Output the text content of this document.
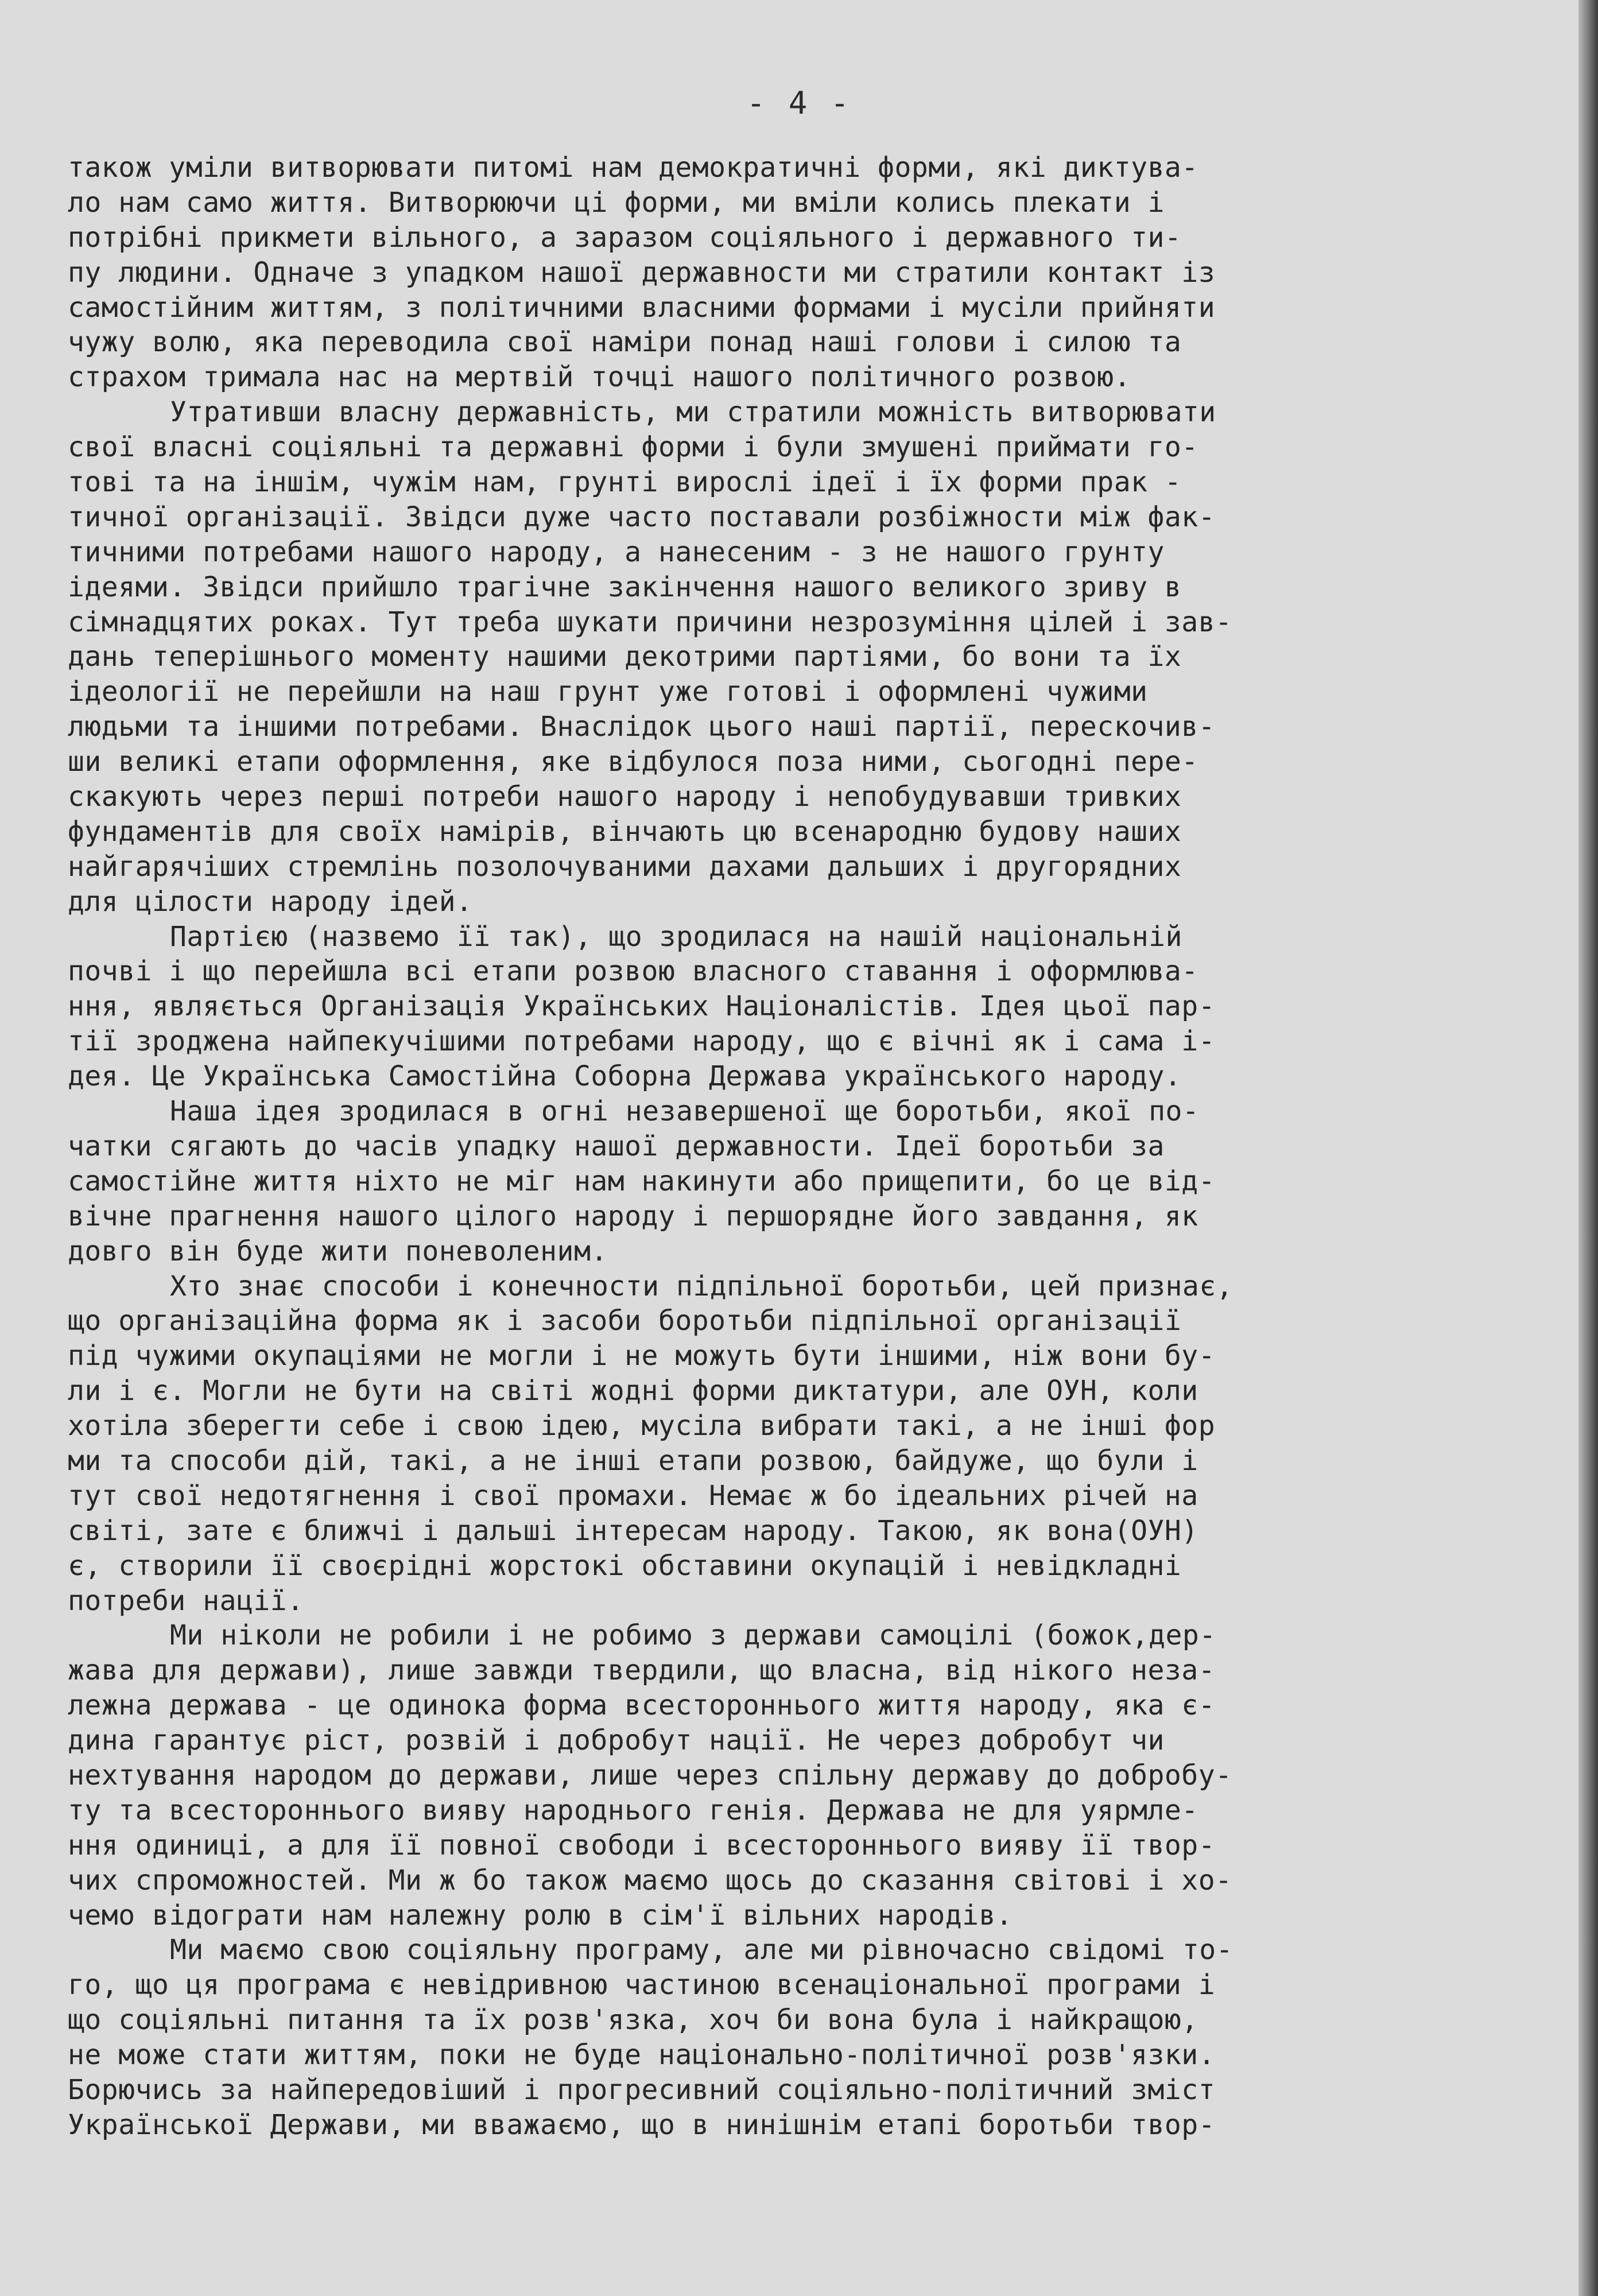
- 4 -
також уміли витворювати питомі нам демократичні форми, які диктува-
ло нам само життя. Витворюючи ці форми, ми вміли колись плекати і
потрібні прикмети вільного, а заразом соціяльного і державного ти-
пу людини. Одначе з упадком нашої державности ми стратили контакт із
самостійним життям, з політичними власними формами і мусіли прийняти
чужу волю, яка переводила свої наміри понад наші голови і силою та
страхом тримала нас на мертвій точці нашого політичного розвою.
Утративши власну державність, ми стратили можність витворювати
свої власні соціяльні та державні форми і були змушені приймати го-
тові та на іншім, чужім нам, грунті вирослі ідеї і їх форми прак -
тичної організації. Звідси дуже часто поставали розбіжности між фак-
тичними потребами нашого народу, а нанесеним - з не нашого грунту
ідеями. Звідси прийшло трагічне закінчення нашого великого зриву в
сімнадцятих роках. Тут треба шукати причини незрозуміння цілей і зав-
дань теперішнього моменту нашими декотрими партіями, бо вони та їх
ідеології не перейшли на наш грунт уже готові і оформлені чужими
людьми та іншими потребами. Внаслідок цього наші партії, перескочив-
ши великі етапи оформлення, яке відбулося поза ними, сьогодні пере-
скакують через перші потреби нашого народу і непобудувавши тривких
фундаментів для своїх намірів, вінчають цю всенародню будову наших
найгарячіших стремлінь позолочуваними дахами дальших і другорядних
для цілости народу ідей.
Партією (назвемо її так), що зродилася на нашій національній
почві і що перейшла всі етапи розвою власного ставання і оформлюва-
ння, являється Організація Українських Націоналістів. Ідея цьої пар-
тії зроджена найпекучішими потребами народу, що є вічні як і сама і-
дея. Це Українська Самостійна Соборна Держава українського народу.
Наша ідея зродилася в огні незавершеної ще боротьби, якої по-
чатки сягають до часів упадку нашої державности. Ідеї боротьби за
самостійне життя ніхто не міг нам накинути або прищепити, бо це від-
вічне прагнення нашого цілого народу і першорядне його завдання, як
довго він буде жити поневоленим.
Хто знає способи і конечности підпільної боротьби, цей признає,
що організаційна форма як і засоби боротьби підпільної організації
під чужими окупаціями не могли і не можуть бути іншими, ніж вони бу-
ли і є. Могли не бути на світі жодні форми диктатури, але ОУН, коли
хотіла зберегти себе і свою ідею, мусіла вибрати такі, а не інші фор
ми та способи дій, такі, а не інші етапи розвою, байдуже, що були і
тут свої недотягнення і свої промахи. Немає ж бо ідеальних річей на
світі, зате є ближчі і дальші інтересам народу. Такою, як вона(ОУН)
є, створили її своєрідні жорстокі обставини окупацій і невідкладні
потреби нації.
Ми ніколи не робили і не робимо з держави самоцілі (божок,дер-
жава для держави), лише завжди твердили, що власна, від нікого неза-
лежна держава - це одинока форма всестороннього життя народу, яка є-
дина гарантує ріст, розвій і добробут нації. Не через добробут чи
нехтування народом до держави, лише через спільну державу до добробу-
ту та всестороннього вияву народнього генія. Держава не для уярмле-
ння одиниці, а для її повної свободи і всестороннього вияву її твор-
чих спроможностей. Ми ж бо також маємо щось до сказання світові і хо-
чемо відограти нам належну ролю в сім'ї вільних народів.
Ми маємо свою соціяльну програму, але ми рівночасно свідомі то-
го, що ця програма є невідривною частиною всенаціональної програми і
що соціяльні питання та їх розв'язка, хоч би вона була і найкращою,
не може стати життям, поки не буде національно-політичної розв'язки.
Борючись за найпередовіший і прогресивний соціяльно-політичний зміст
Української Держави, ми вважаємо, що в нинішнім етапі боротьби твор-
